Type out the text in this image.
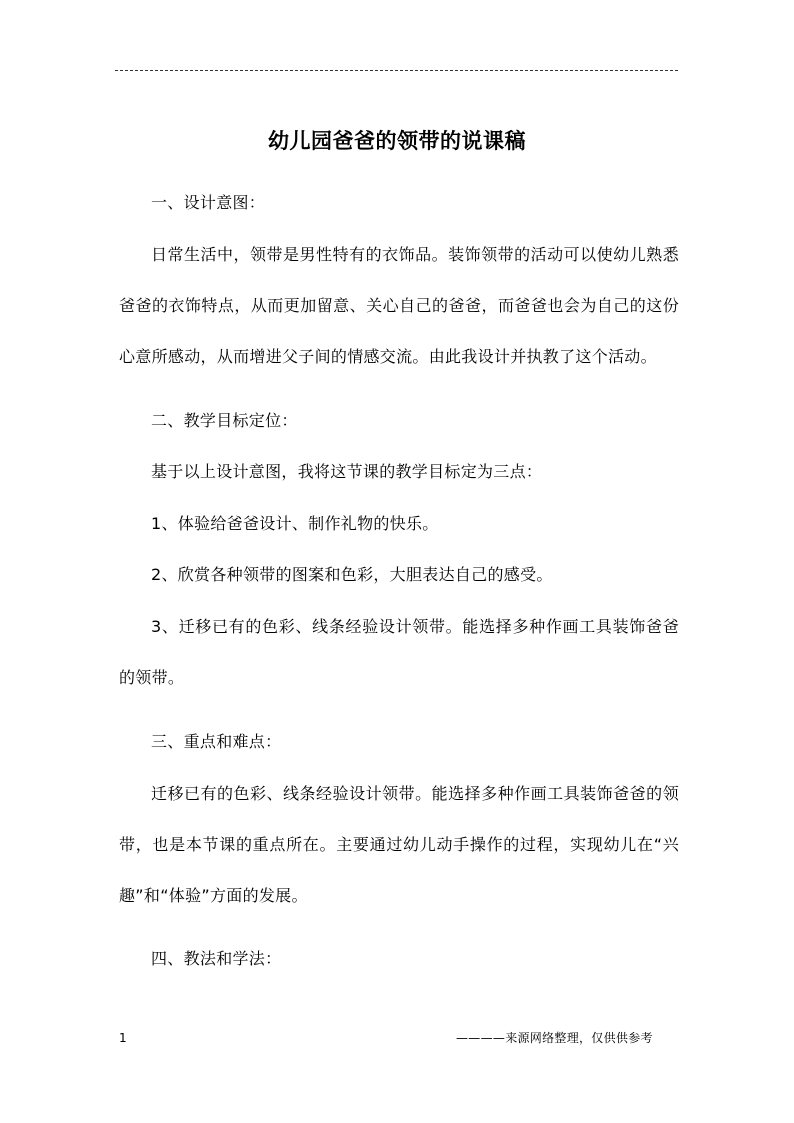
幼儿园爸爸的领带的说课稿

一、设计意图：

日常生活中，领带是男性特有的衣饰品。装饰领带的活动可以使幼儿熟悉爸爸的衣饰特点，从而更加留意、关心自己的爸爸，而爸爸也会为自己的这份心意所感动，从而增进父子间的情感交流。由此我设计并执教了这个活动。

二、教学目标定位：

基于以上设计意图，我将这节课的教学目标定为三点：

1、体验给爸爸设计、制作礼物的快乐。

2、欣赏各种领带的图案和色彩，大胆表达自己的感受。

3、迁移已有的色彩、线条经验设计领带。能选择多种作画工具装饰爸爸的领带。

三、重点和难点：

迁移已有的色彩、线条经验设计领带。能选择多种作画工具装饰爸爸的领带，也是本节课的重点所在。主要通过幼儿动手操作的过程，实现幼儿在“兴趣”和“体验”方面的发展。

四、教法和学法：

1	————来源网络整理，仅供供参考
